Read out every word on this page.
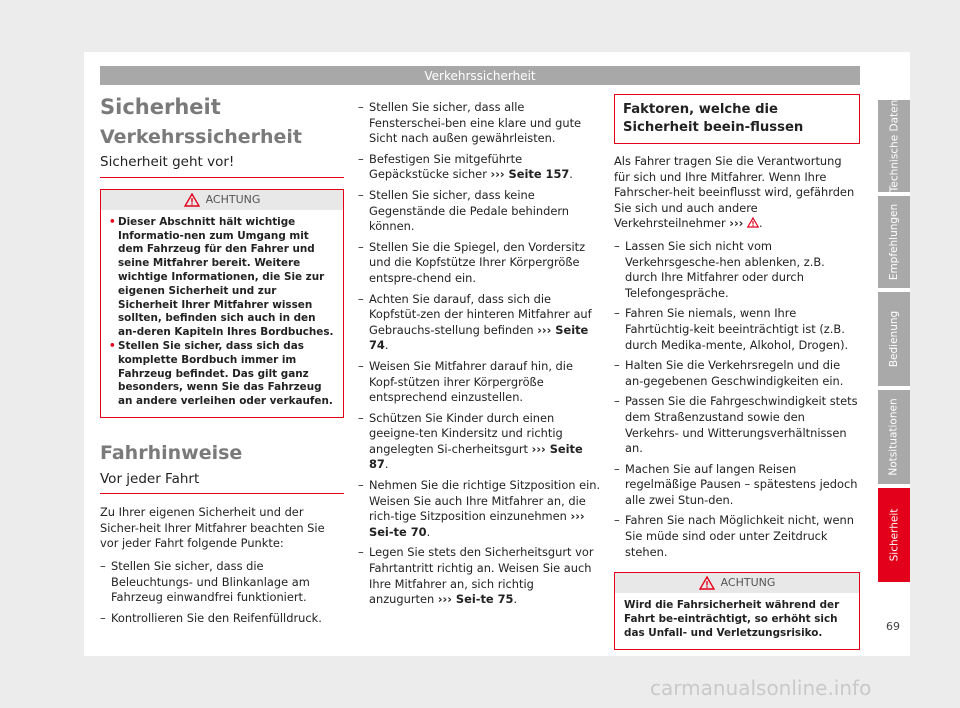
Verkehrssicherheit
Sicherheit
Verkehrssicherheit
Sicherheit geht vor!
ACHTUNG
• Dieser Abschnitt hält wichtige Informatio-nen zum Umgang mit dem Fahrzeug für den Fahrer und seine Mitfahrer bereit. Weitere wichtige Informationen, die Sie zur eigenen Sicherheit und zur Sicherheit Ihrer Mitfahrer wissen sollten, befinden sich auch in den an-deren Kapiteln Ihres Bordbuches.
• Stellen Sie sicher, dass sich das komplette Bordbuch immer im Fahrzeug befindet. Das gilt ganz besonders, wenn Sie das Fahrzeug an andere verleihen oder verkaufen.
Fahrhinweise
Vor jeder Fahrt

Zu Ihrer eigenen Sicherheit und der Sicher-heit Ihrer Mitfahrer beachten Sie vor jeder Fahrt folgende Punkte:

– Stellen Sie sicher, dass die Beleuchtungs- und Blinkanlage am Fahrzeug einwandfrei funktioniert.
– Kontrollieren Sie den Reifenfülldruck.
– Stellen Sie sicher, dass alle Fensterschei-ben eine klare und gute Sicht nach außen gewährleisten.
– Befestigen Sie mitgeführte Gepäckstücke sicher ››› Seite 157.
– Stellen Sie sicher, dass keine Gegenstände die Pedale behindern können.
– Stellen Sie die Spiegel, den Vordersitz und die Kopfstütze Ihrer Körpergröße entspre-chend ein.
– Achten Sie darauf, dass sich die Kopfstüt-zen der hinteren Mitfahrer auf Gebrauchs-stellung befinden ››› Seite 74.
– Weisen Sie Mitfahrer darauf hin, die Kopf-stützen ihrer Körpergröße entsprechend einzustellen.
– Schützen Sie Kinder durch einen geeigne-ten Kindersitz und richtig angelegten Si-cherheitsgurt ››› Seite 87.
– Nehmen Sie die richtige Sitzposition ein. Weisen Sie auch Ihre Mitfahrer an, die rich-tige Sitzposition einzunehmen ››› Sei-te 70.
– Legen Sie stets den Sicherheitsgurt vor Fahrtantritt richtig an. Weisen Sie auch Ihre Mitfahrer an, sich richtig anzugurten ››› Sei-te 75.
Faktoren, welche die Sicherheit beein-flussen

Als Fahrer tragen Sie die Verantwortung für sich und Ihre Mitfahrer. Wenn Ihre Fahrscher-heit beeinflusst wird, gefährden Sie sich und auch andere Verkehrsteilnehmer ››› .

– Lassen Sie sich nicht vom Verkehrsgesche-hen ablenken, z.B. durch Ihre Mitfahrer oder durch Telefongespräche.
– Fahren Sie niemals, wenn Ihre Fahrtüchtig-keit beeinträchtigt ist (z.B. durch Medika-mente, Alkohol, Drogen).
– Halten Sie die Verkehrsregeln und die an-gegebenen Geschwindigkeiten ein.
– Passen Sie die Fahrgeschwindigkeit stets dem Straßenzustand sowie den Verkehrs- und Witterungsverhältnissen an.
– Machen Sie auf langen Reisen regelmäßige Pausen – spätestens jedoch alle zwei Stun-den.
– Fahren Sie nach Möglichkeit nicht, wenn Sie müde sind oder unter Zeitdruck stehen.
ACHTUNG
Wird die Fahrsicherheit während der Fahrt be-einträchtigt, so erhöht sich das Unfall- und Verletzungsrisiko.
Technische Daten
Empfehlungen
Bedienung
Notsituationen
Sicherheit
69
carmanualsonline.info
